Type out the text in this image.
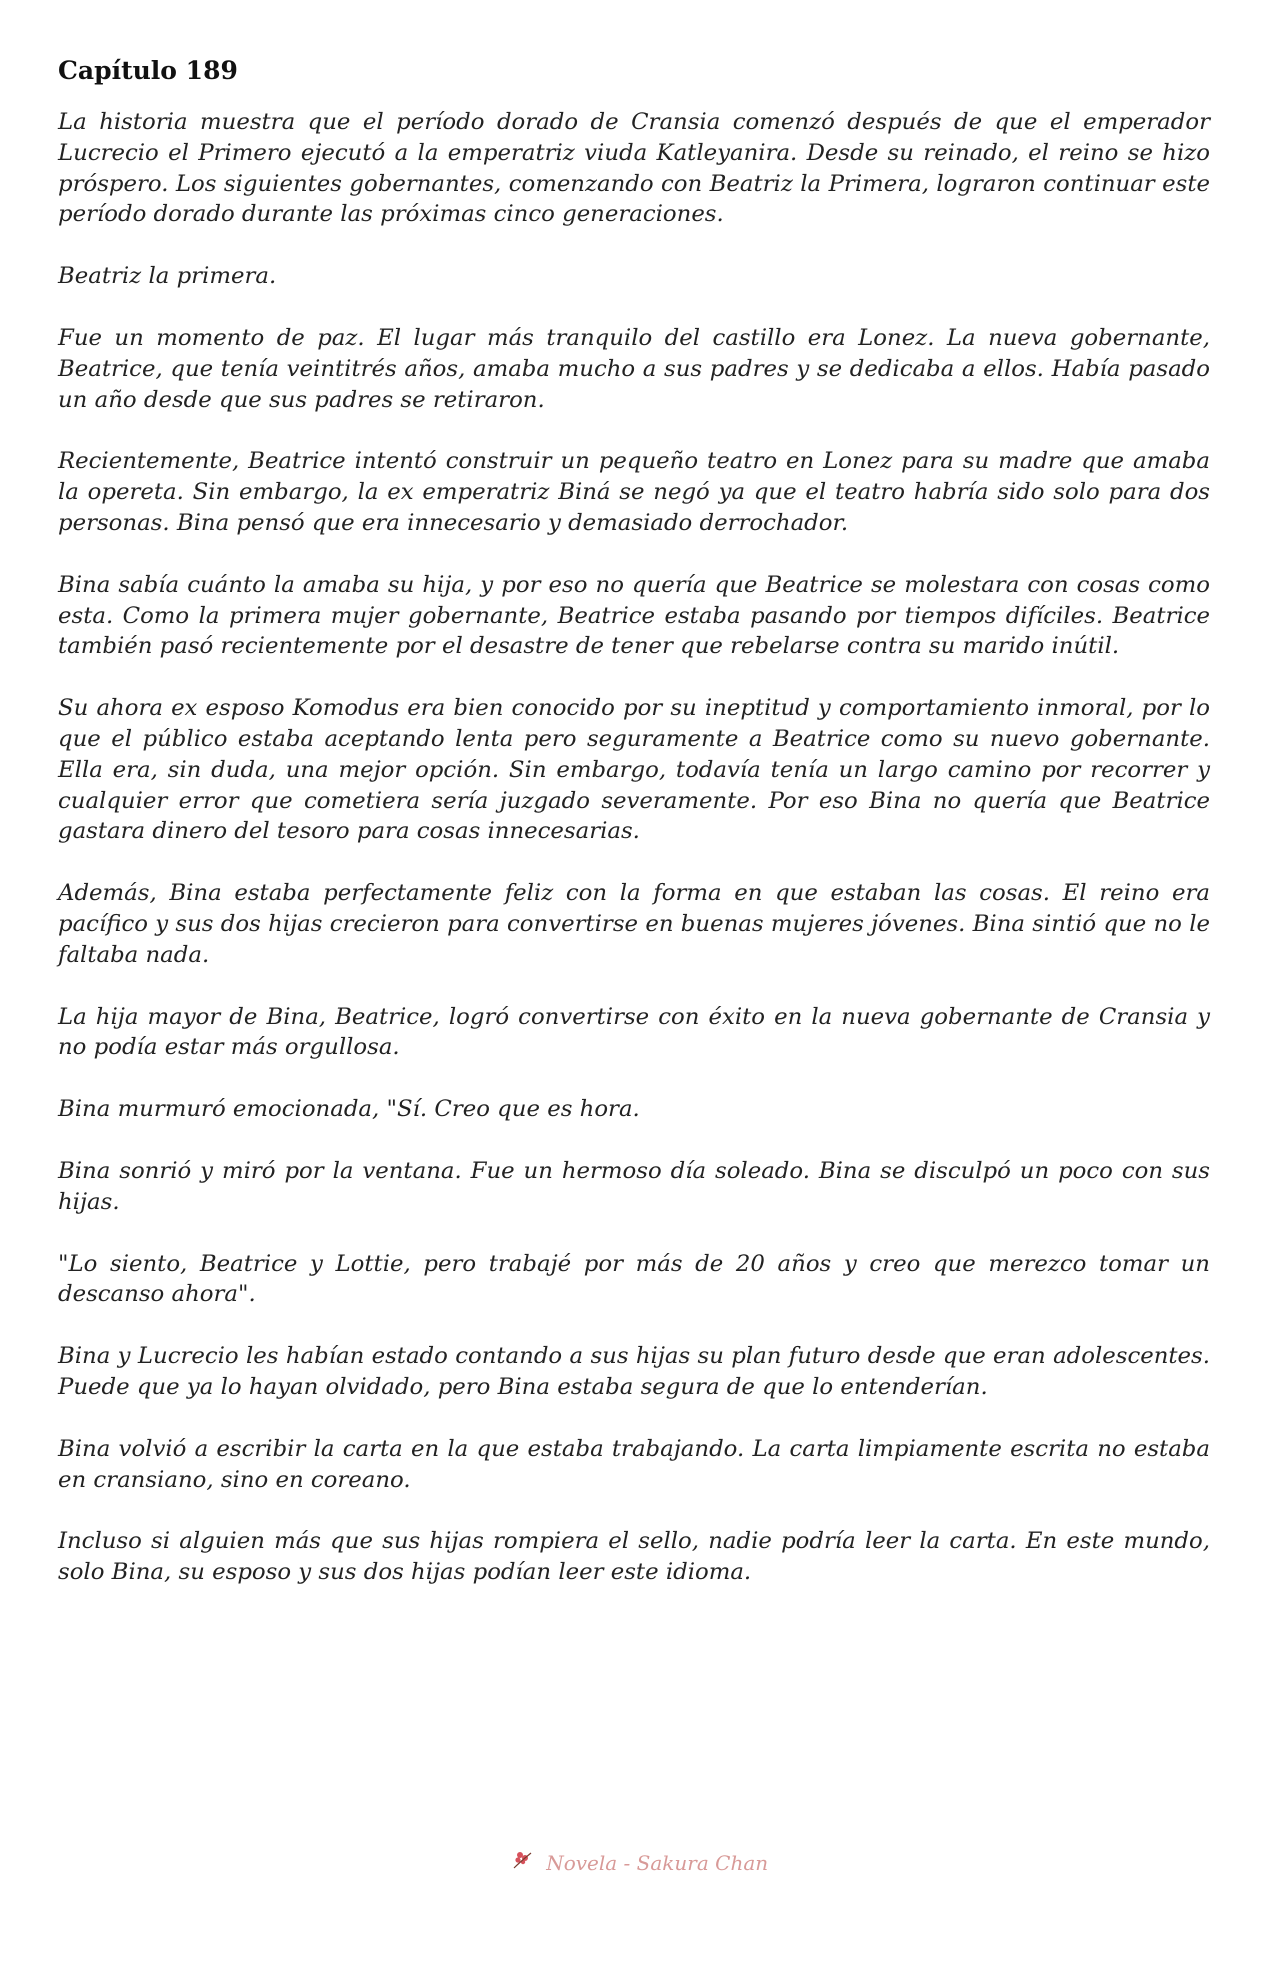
Capítulo 189

La historia muestra que el período dorado de Cransia comenzó después de que el emperador Lucrecio el Primero ejecutó a la emperatriz viuda Katleyanira. Desde su reinado, el reino se hizo próspero. Los siguientes gobernantes, comenzando con Beatriz la Primera, lograron continuar este período dorado durante las próximas cinco generaciones.

Beatriz la primera.

Fue un momento de paz. El lugar más tranquilo del castillo era Lonez. La nueva gobernante, Beatrice, que tenía veintitrés años, amaba mucho a sus padres y se dedicaba a ellos. Había pasado un año desde que sus padres se retiraron.

Recientemente, Beatrice intentó construir un pequeño teatro en Lonez para su madre que amaba la opereta. Sin embargo, la ex emperatriz Biná se negó ya que el teatro habría sido solo para dos personas. Bina pensó que era innecesario y demasiado derrochador.

Bina sabía cuánto la amaba su hija, y por eso no quería que Beatrice se molestara con cosas como esta. Como la primera mujer gobernante, Beatrice estaba pasando por tiempos difíciles. Beatrice también pasó recientemente por el desastre de tener que rebelarse contra su marido inútil.

Su ahora ex esposo Komodus era bien conocido por su ineptitud y comportamiento inmoral, por lo que el público estaba aceptando lenta pero seguramente a Beatrice como su nuevo gobernante. Ella era, sin duda, una mejor opción. Sin embargo, todavía tenía un largo camino por recorrer y cualquier error que cometiera sería juzgado severamente. Por eso Bina no quería que Beatrice gastara dinero del tesoro para cosas innecesarias.

Además, Bina estaba perfectamente feliz con la forma en que estaban las cosas. El reino era pacífico y sus dos hijas crecieron para convertirse en buenas mujeres jóvenes. Bina sintió que no le faltaba nada.

La hija mayor de Bina, Beatrice, logró convertirse con éxito en la nueva gobernante de Cransia y no podía estar más orgullosa.

Bina murmuró emocionada, "Sí. Creo que es hora.

Bina sonrió y miró por la ventana. Fue un hermoso día soleado. Bina se disculpó un poco con sus hijas.

"Lo siento, Beatrice y Lottie, pero trabajé por más de 20 años y creo que merezco tomar un descanso ahora".

Bina y Lucrecio les habían estado contando a sus hijas su plan futuro desde que eran adolescentes. Puede que ya lo hayan olvidado, pero Bina estaba segura de que lo entenderían.

Bina volvió a escribir la carta en la que estaba trabajando. La carta limpiamente escrita no estaba en cransiano, sino en coreano.

Incluso si alguien más que sus hijas rompiera el sello, nadie podría leer la carta. En este mundo, solo Bina, su esposo y sus dos hijas podían leer este idioma.

Novela - Sakura Chan
